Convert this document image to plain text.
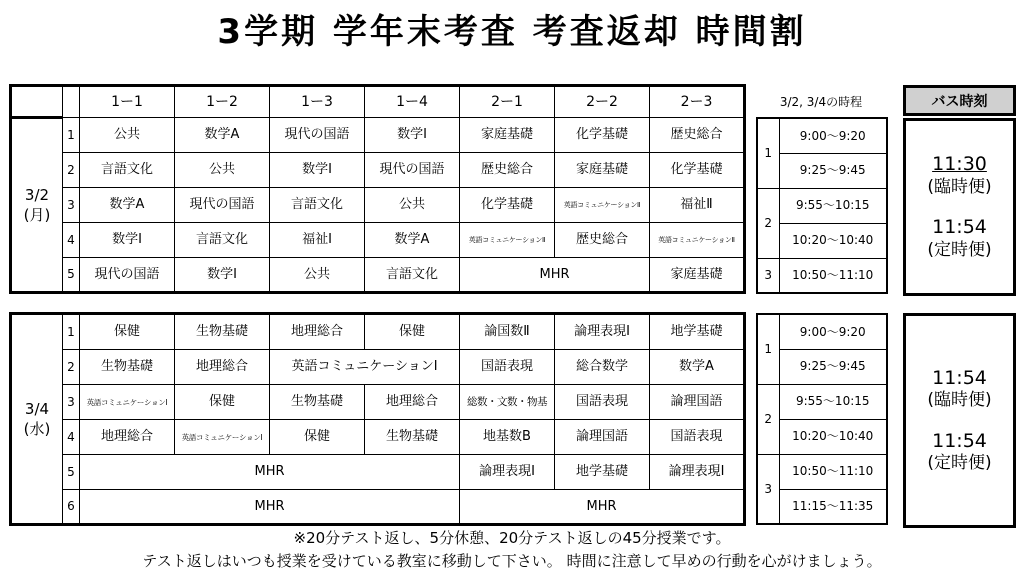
3学期 学年末考査 考査返却 時間割
		1ー1	1ー2	1ー3	1ー4	2ー1	2ー2	2ー3
3/2
(月)	1	公共	数学A	現代の国語	数学Ⅰ	家庭基礎	化学基礎	歴史総合
	2	言語文化	公共	数学Ⅰ	現代の国語	歴史総合	家庭基礎	化学基礎
	3	数学A	現代の国語	言語文化	公共	化学基礎	英語コミュニケーションⅡ	福祉Ⅱ
	4	数学Ⅰ	言語文化	福祉Ⅰ	数学A	英語コミュニケーションⅡ	歴史総合	英語コミュニケーションⅡ
	5	現代の国語	数学Ⅰ	公共	言語文化	MHR		家庭基礎
3/4
(水)	1	保健	生物基礎	地理総合	保健	論国数Ⅱ	論理表現Ⅰ	地学基礎
	2	生物基礎	地理総合	英語コミュニケーションⅠ		国語表現	総合数学	数学A
	3	英語コミュニケーションⅠ	保健	生物基礎	地理総合	総数・文数・物基	国語表現	論理国語
	4	地理総合	英語コミュニケーションⅠ	保健	生物基礎	地基数B	論理国語	国語表現
	5	MHR				論理表現Ⅰ	地学基礎	論理表現Ⅰ
	6	MHR				MHR		
3/2, 3/4の時程
1	9:00～9:20
	9:25～9:45
2	9:55～10:15
	10:20～10:40
3	10:50～11:10
1	9:00～9:20
	9:25～9:45
2	9:55～10:15
	10:20～10:40
3	10:50～11:10
	11:15～11:35
バス時刻
11:30
(臨時便)
11:54
(定時便)
11:54
(臨時便)
11:54
(定時便)
※20分テスト返し、5分休憩、20分テスト返しの45分授業です。
テスト返しはいつも授業を受けている教室に移動して下さい。 時間に注意して早めの行動を心がけましょう。
